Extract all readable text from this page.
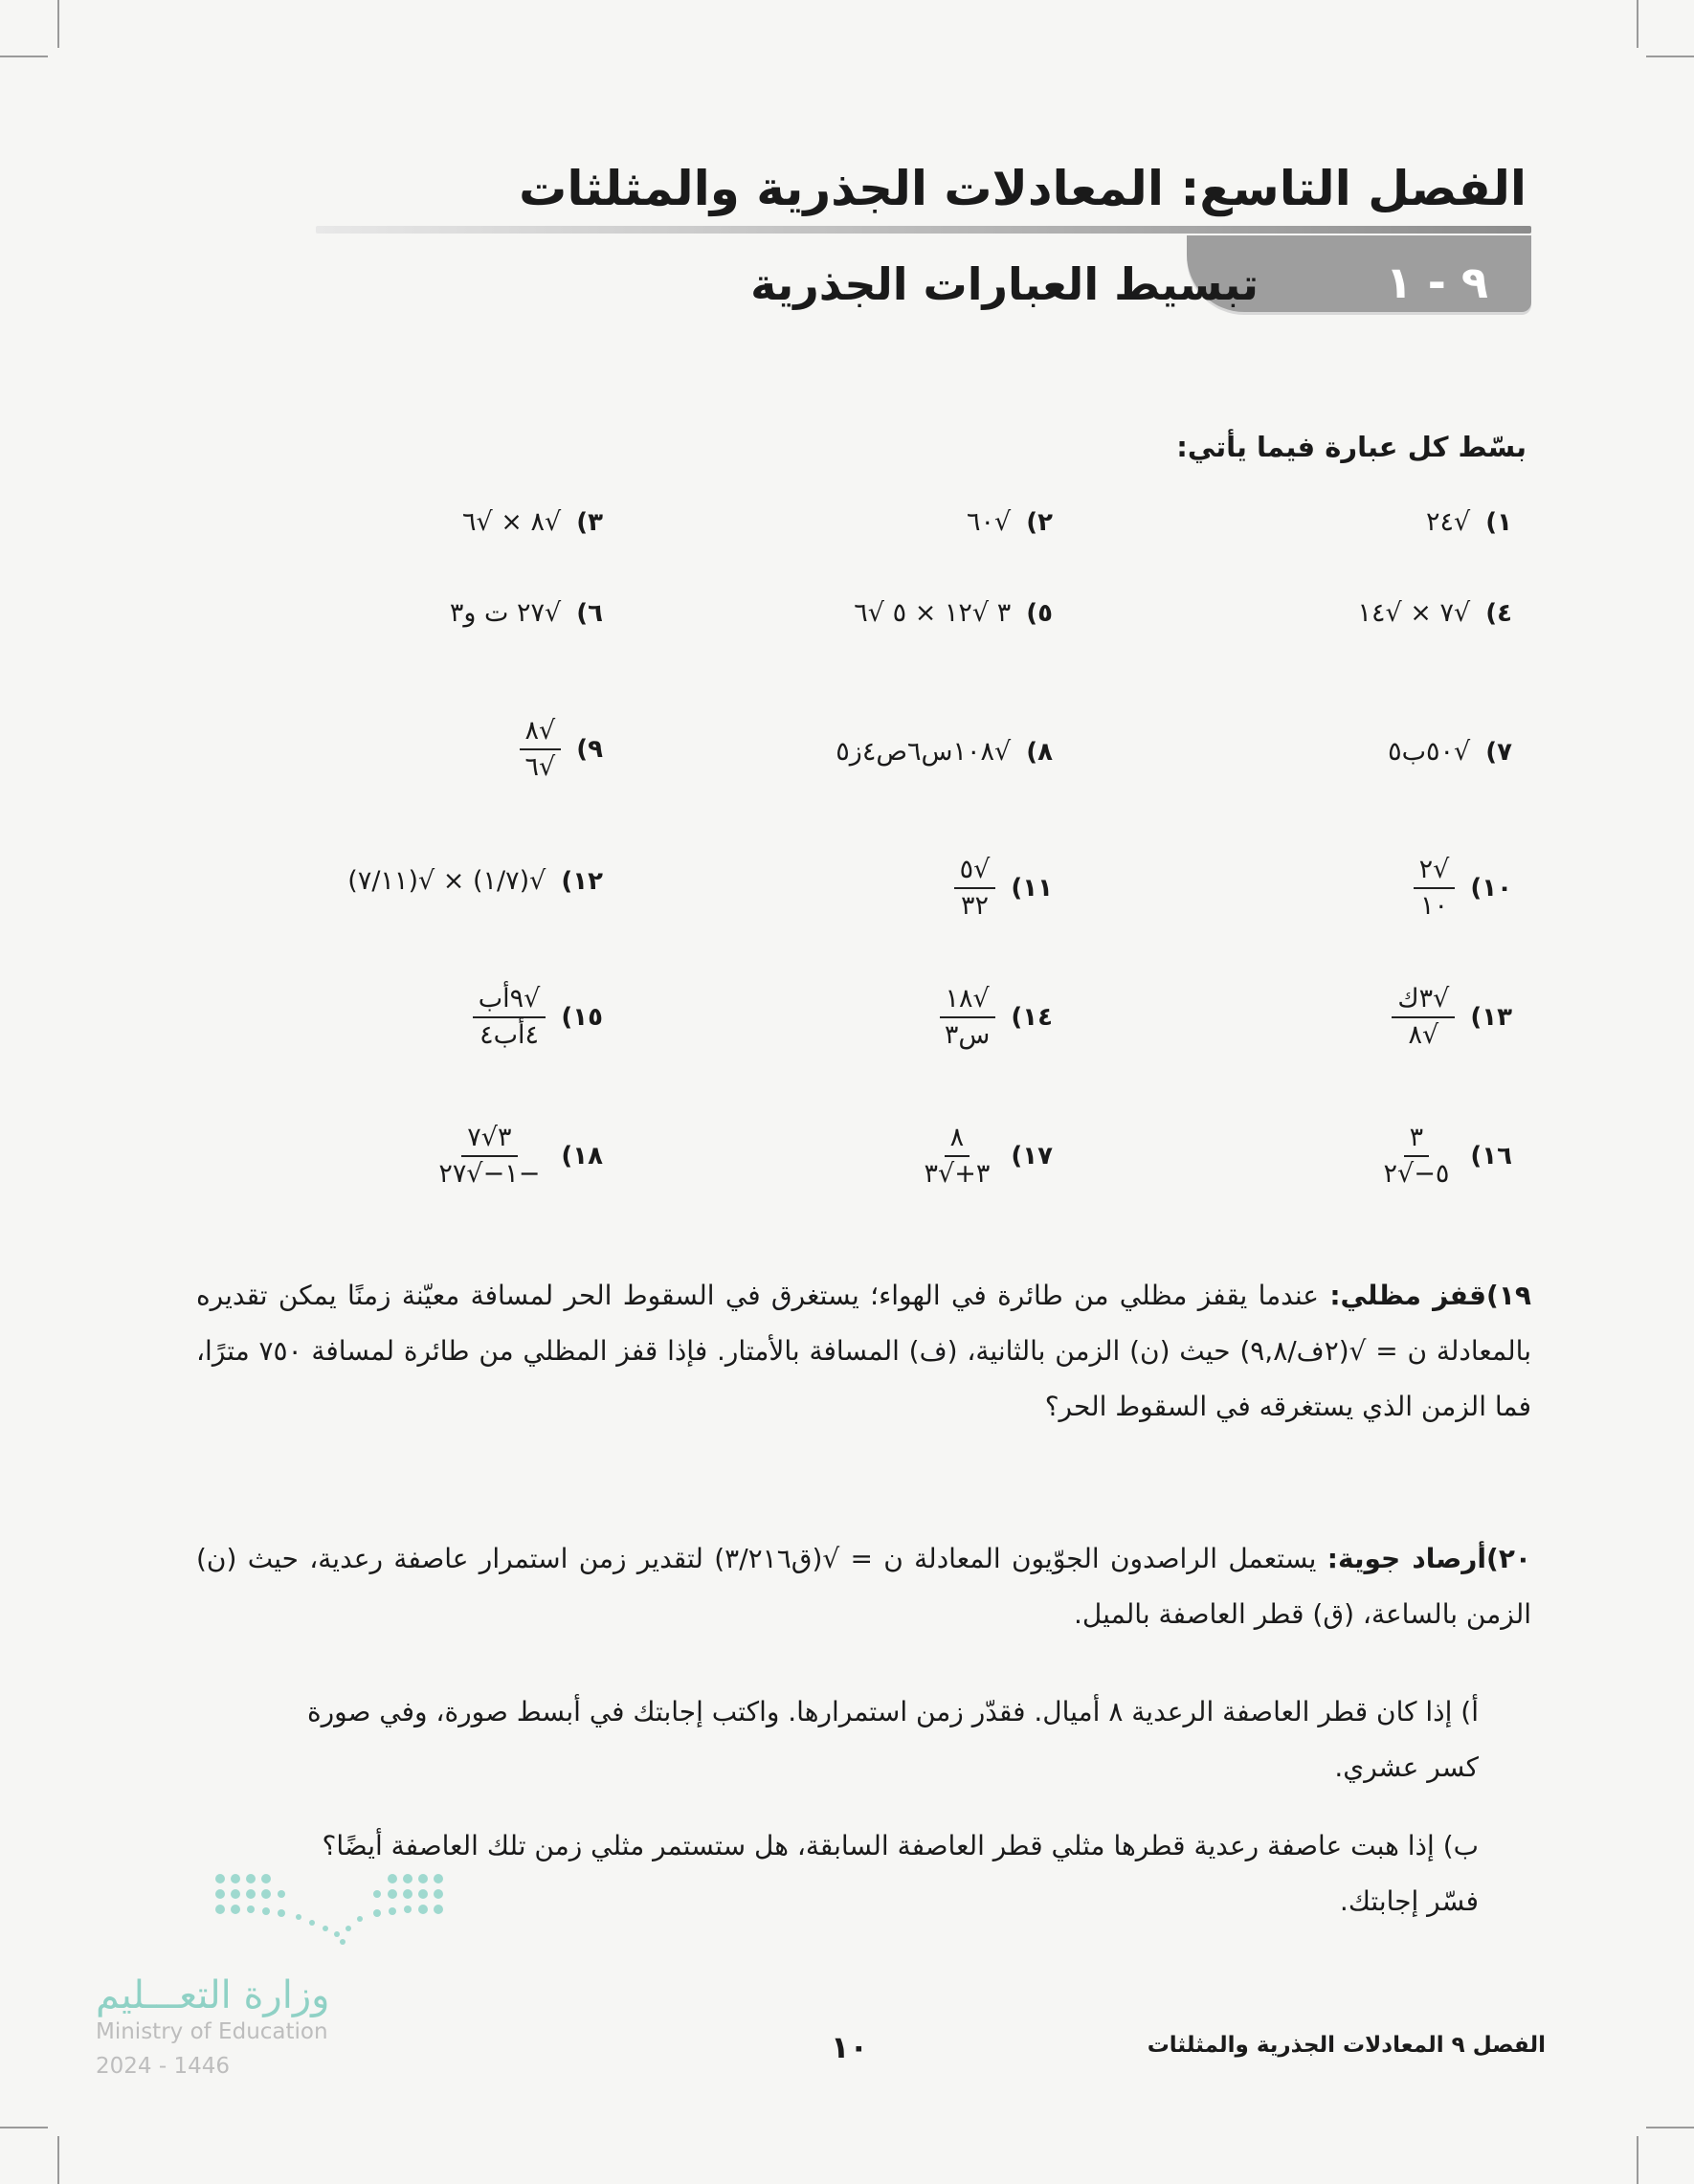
الفصل التاسع: المعادلات الجذرية والمثلثات
٩ - ١
تبسيط العبارات الجذرية
بسّط كل عبارة فيما يأتي:
١)
√٢٤
٢)
√٦٠
٣)
√٨ × √٦
٤)
√٧ × √١٤
٥)
٣ √١٢ × ٥ √٦
٦)
√٢٧ ت و٣
٧)
√٥٠ب٥
٨)
√١٠٨س٦ص٤ز٥
٩)
$\frac{√٨}{√٦}$
١٠)
$\frac{√٢}{١٠}$
١١)
$\frac{√٥}{٣٢}$
١٢)
√(١/٧) × √(٧/١١)
١٣)
$\frac{\text{√٣ك}}{√٨}$
١٤)
$\frac{√١٨}{\text{س٣}}$
١٥)
$\frac{\text{√٩أب}}{\text{٤أب٤}}$
١٦)
$\frac{٣}{٥-√٢}$
١٧)
$\frac{٨}{٣+√٣}$
١٨)
$\frac{٣√٧}{-١-√٢٧}$
١٩)قفز مظلي: عندما يقفز مظلي من طائرة في الهواء؛ يستغرق في السقوط الحر لمسافة معيّنة زمنًا يمكن تقديره بالمعادلة ن = √(٢ف/٩,٨) حيث (ن) الزمن بالثانية، (ف) المسافة بالأمتار. فإذا قفز المظلي من طائرة لمسافة ٧٥٠ مترًا، فما الزمن الذي يستغرقه في السقوط الحر؟
٢٠)أرصاد جوية: يستعمل الراصدون الجوّيون المعادلة ن = √(ق٣/٢١٦) لتقدير زمن استمرار عاصفة رعدية، حيث (ن) الزمن بالساعة، (ق) قطر العاصفة بالميل.
أ) إذا كان قطر العاصفة الرعدية ٨ أميال. فقدّر زمن استمرارها. واكتب إجابتك في أبسط صورة، وفي صورة كسر عشري.
ب) إذا هبت عاصفة رعدية قطرها مثلي قطر العاصفة السابقة، هل ستستمر مثلي زمن تلك العاصفة أيضًا؟ فسّر إجابتك.
وزارة التعـــليم
Ministry of Education
2024 - 1446
١٠	الفصل ٩ المعادلات الجذرية والمثلثات
